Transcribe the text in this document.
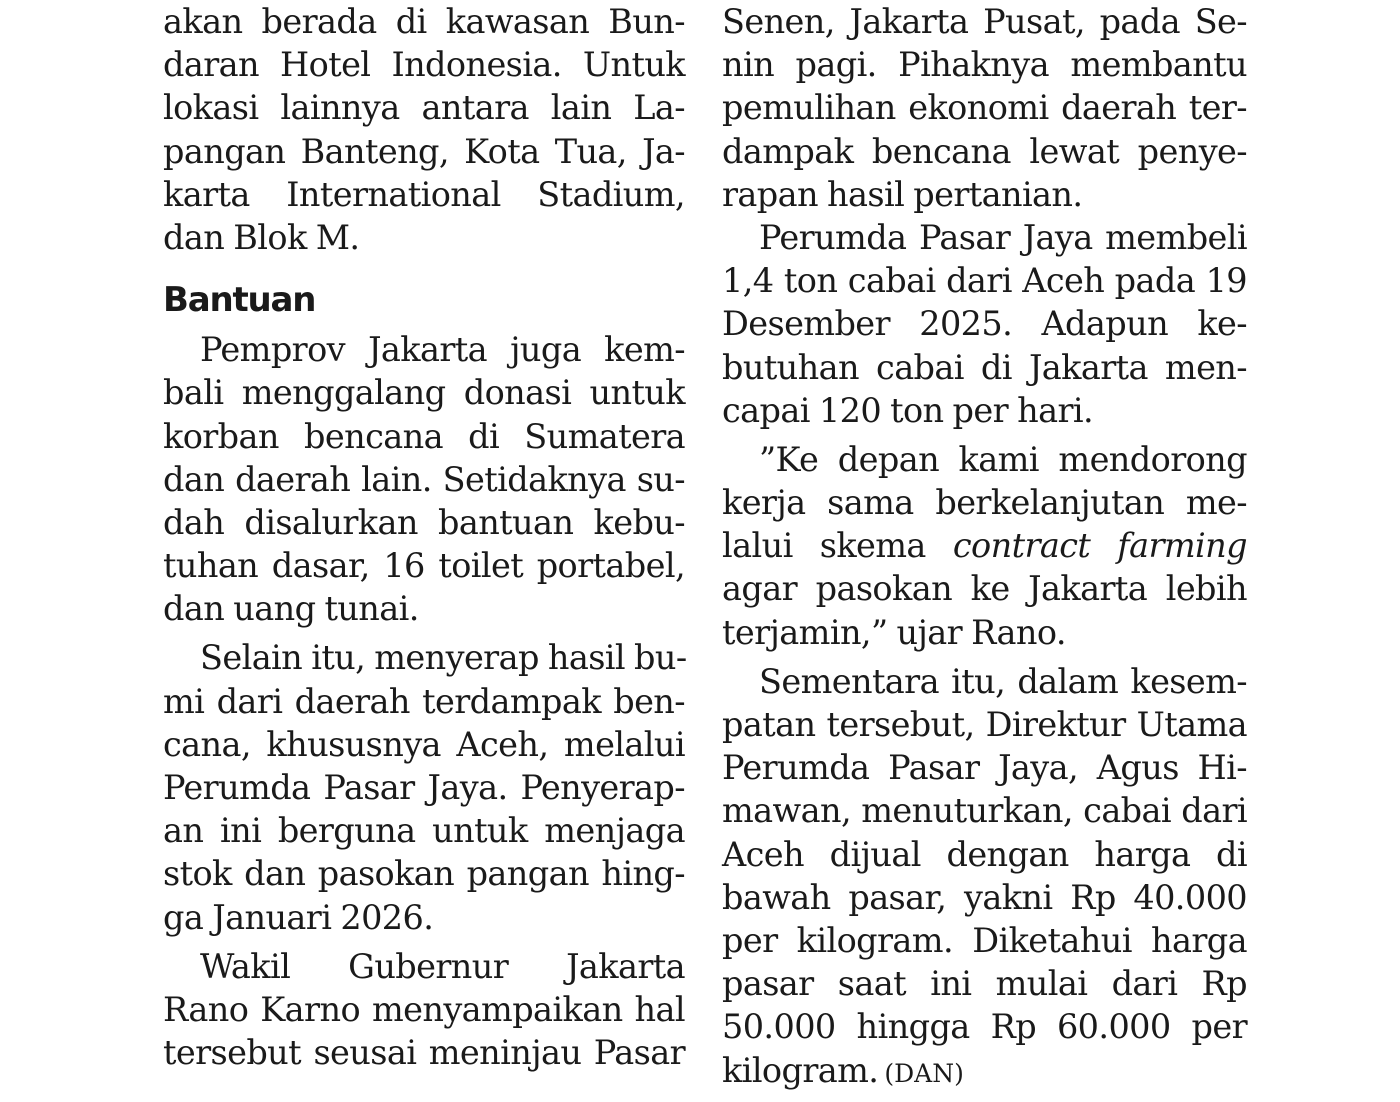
akan berada di kawasan Bun-
daran Hotel Indonesia. Untuk
lokasi lainnya antara lain La-
pangan Banteng, Kota Tua, Ja-
karta International Stadium,
dan Blok M.
Bantuan
Pemprov Jakarta juga kem-
bali menggalang donasi untuk
korban bencana di Sumatera
dan daerah lain. Setidaknya su-
dah disalurkan bantuan kebu-
tuhan dasar, 16 toilet portabel,
dan uang tunai.
Selain itu, menyerap hasil bu-
mi dari daerah terdampak ben-
cana, khususnya Aceh, melalui
Perumda Pasar Jaya. Penyerap-
an ini berguna untuk menjaga
stok dan pasokan pangan hing-
ga Januari 2026.
Wakil Gubernur Jakarta
Rano Karno menyampaikan hal
tersebut seusai meninjau Pasar
Senen, Jakarta Pusat, pada Se-
nin pagi. Pihaknya membantu
pemulihan ekonomi daerah ter-
dampak bencana lewat penye-
rapan hasil pertanian.
Perumda Pasar Jaya membeli
1,4 ton cabai dari Aceh pada 19
Desember 2025. Adapun ke-
butuhan cabai di Jakarta men-
capai 120 ton per hari.
”Ke depan kami mendorong
kerja sama berkelanjutan me-
lalui skema contract farming
agar pasokan ke Jakarta lebih
terjamin,” ujar Rano.
Sementara itu, dalam kesem-
patan tersebut, Direktur Utama
Perumda Pasar Jaya, Agus Hi-
mawan, menuturkan, cabai dari
Aceh dijual dengan harga di
bawah pasar, yakni Rp 40.000
per kilogram. Diketahui harga
pasar saat ini mulai dari Rp
50.000 hingga Rp 60.000 per
kilogram. (DAN)
